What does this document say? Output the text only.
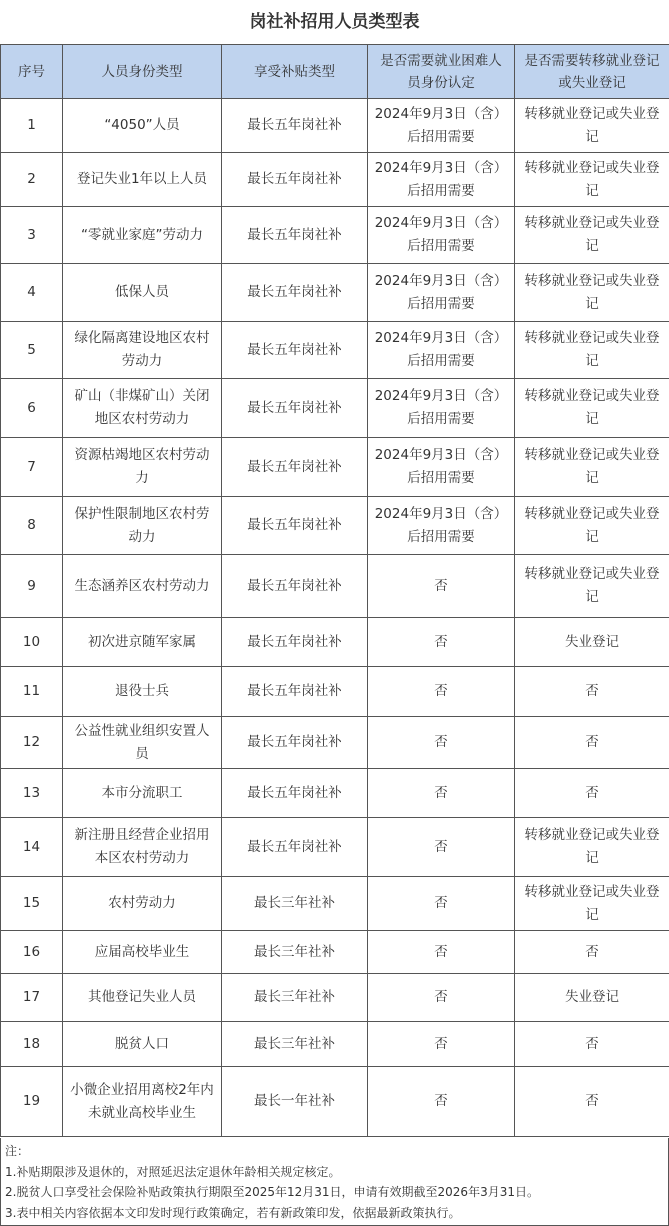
岗社补招用人员类型表
序号	人员身份类型	享受补贴类型	是否需要就业困难人员身份认定	是否需要转移就业登记或失业登记
1	“4050”人员	最长五年岗社补	2024年9月3日（含）后招用需要	转移就业登记或失业登记
2	登记失业1年以上人员	最长五年岗社补	2024年9月3日（含）后招用需要	转移就业登记或失业登记
3	“零就业家庭”劳动力	最长五年岗社补	2024年9月3日（含）后招用需要	转移就业登记或失业登记
4	低保人员	最长五年岗社补	2024年9月3日（含）后招用需要	转移就业登记或失业登记
5	绿化隔离建设地区农村劳动力	最长五年岗社补	2024年9月3日（含）后招用需要	转移就业登记或失业登记
6	矿山（非煤矿山）关闭地区农村劳动力	最长五年岗社补	2024年9月3日（含）后招用需要	转移就业登记或失业登记
7	资源枯竭地区农村劳动力	最长五年岗社补	2024年9月3日（含）后招用需要	转移就业登记或失业登记
8	保护性限制地区农村劳动力	最长五年岗社补	2024年9月3日（含）后招用需要	转移就业登记或失业登记
9	生态涵养区农村劳动力	最长五年岗社补	否	转移就业登记或失业登记
10	初次进京随军家属	最长五年岗社补	否	失业登记
11	退役士兵	最长五年岗社补	否	否
12	公益性就业组织安置人员	最长五年岗社补	否	否
13	本市分流职工	最长五年岗社补	否	否
14	新注册且经营企业招用本区农村劳动力	最长五年岗社补	否	转移就业登记或失业登记
15	农村劳动力	最长三年社补	否	转移就业登记或失业登记
16	应届高校毕业生	最长三年社补	否	否
17	其他登记失业人员	最长三年社补	否	失业登记
18	脱贫人口	最长三年社补	否	否
19	小微企业招用离校2年内未就业高校毕业生	最长一年社补	否	否
注：
1.补贴期限涉及退休的，对照延迟法定退休年龄相关规定核定。
2.脱贫人口享受社会保险补贴政策执行期限至2025年12月31日，申请有效期截至2026年3月31日。
3.表中相关内容依据本文印发时现行政策确定，若有新政策印发，依据最新政策执行。
